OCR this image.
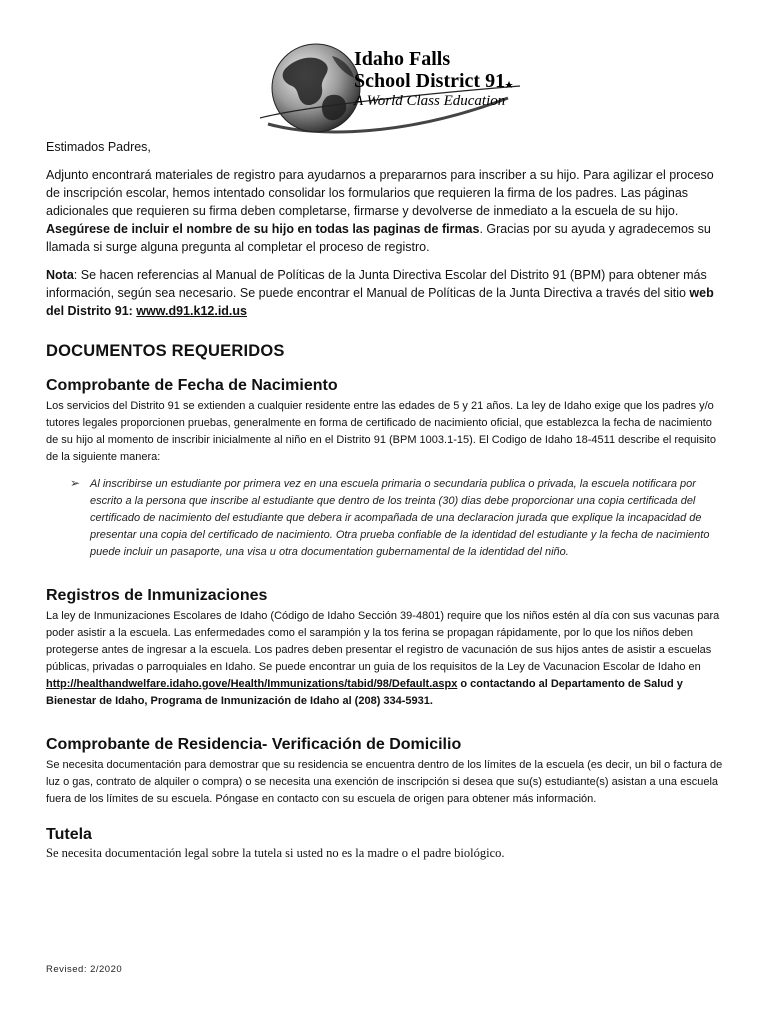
Idaho Falls
School District 91
A World Class Education

Estimados Padres,

Adjunto encontrará materiales de registro para ayudarnos a prepararnos para inscriber a su hijo. Para agilizar el proceso de inscripción escolar, hemos intentado consolidar los formularios que requieren la firma de los padres. Las páginas adicionales que requieren su firma deben completarse, firmarse y devolverse de inmediato a la escuela de su hijo. Asegúrese de incluir el nombre de su hijo en todas las paginas de firmas. Gracias por su ayuda y agradecemos su llamada si surge alguna pregunta al completar el proceso de registro.

Nota: Se hacen referencias al Manual de Políticas de la Junta Directiva Escolar del Distrito 91 (BPM) para obtener más información, según sea necesario. Se puede encontrar el Manual de Políticas de la Junta Directiva a través del sitio web del Distrito 91: www.d91.k12.id.us

DOCUMENTOS REQUERIDOS
Comprobante de Fecha de Nacimiento

Los servicios del Distrito 91 se extienden a cualquier residente entre las edades de 5 y 21 años. La ley de Idaho exige que los padres y/o tutores legales proporcionen pruebas, generalmente en forma de certificado de nacimiento oficial, que establezca la fecha de nacimiento de su hijo al momento de inscribir inicialmente al niño en el Distrito 91 (BPM 1003.1-15). El Codigo de Idaho 18-4511 describe el requisito de la siguiente manera:

➢ Al inscribirse un estudiante por primera vez en una escuela primaria o secundaria publica o privada, la escuela notificara por escrito a la persona que inscribe al estudiante que dentro de los treinta (30) dias debe proporcionar una copia certificada del certificado de nacimiento del estudiante que debera ir acompañada de una declaracion jurada que explique la incapacidad de presentar una copia del certificado de nacimiento. Otra prueba confiable de la identidad del estudiante y la fecha de nacimiento puede incluir un pasaporte, una visa u otra documentation gubernamental de la identidad del niño.
Registros de Inmunizaciones

La ley de Inmunizaciones Escolares de Idaho (Código de Idaho Sección 39-4801) require que los niños estén al día con sus vacunas para poder asistir a la escuela. Las enfermedades como el sarampión y la tos ferina se propagan rápidamente, por lo que los niños deben protegerse antes de ingresar a la escuela. Los padres deben presentar el registro de vacunación de sus hijos antes de asistir a escuelas públicas, privadas o parroquiales en Idaho. Se puede encontrar un guia de los requisitos de la Ley de Vacunacion Escolar de Idaho en http://healthandwelfare.idaho.gove/Health/Immunizations/tabid/98/Default.aspx o contactando al Departamento de Salud y Bienestar de Idaho, Programa de Inmunización de Idaho al (208) 334-5931.

Comprobante de Residencia- Verificación de Domicilio

Se necesita documentación para demostrar que su residencia se encuentra dentro de los límites de la escuela (es decir, un bil o factura de luz o gas, contrato de alquiler o compra) o se necesita una exención de inscripción si desea que su(s) estudiante(s) asistan a una escuela fuera de los límites de su escuela. Póngase en contacto con su escuela de origen para obtener más información.

Tutela

Se necesita documentación legal sobre la tutela si usted no es la madre o el padre biológico.

Revised: 2/2020
